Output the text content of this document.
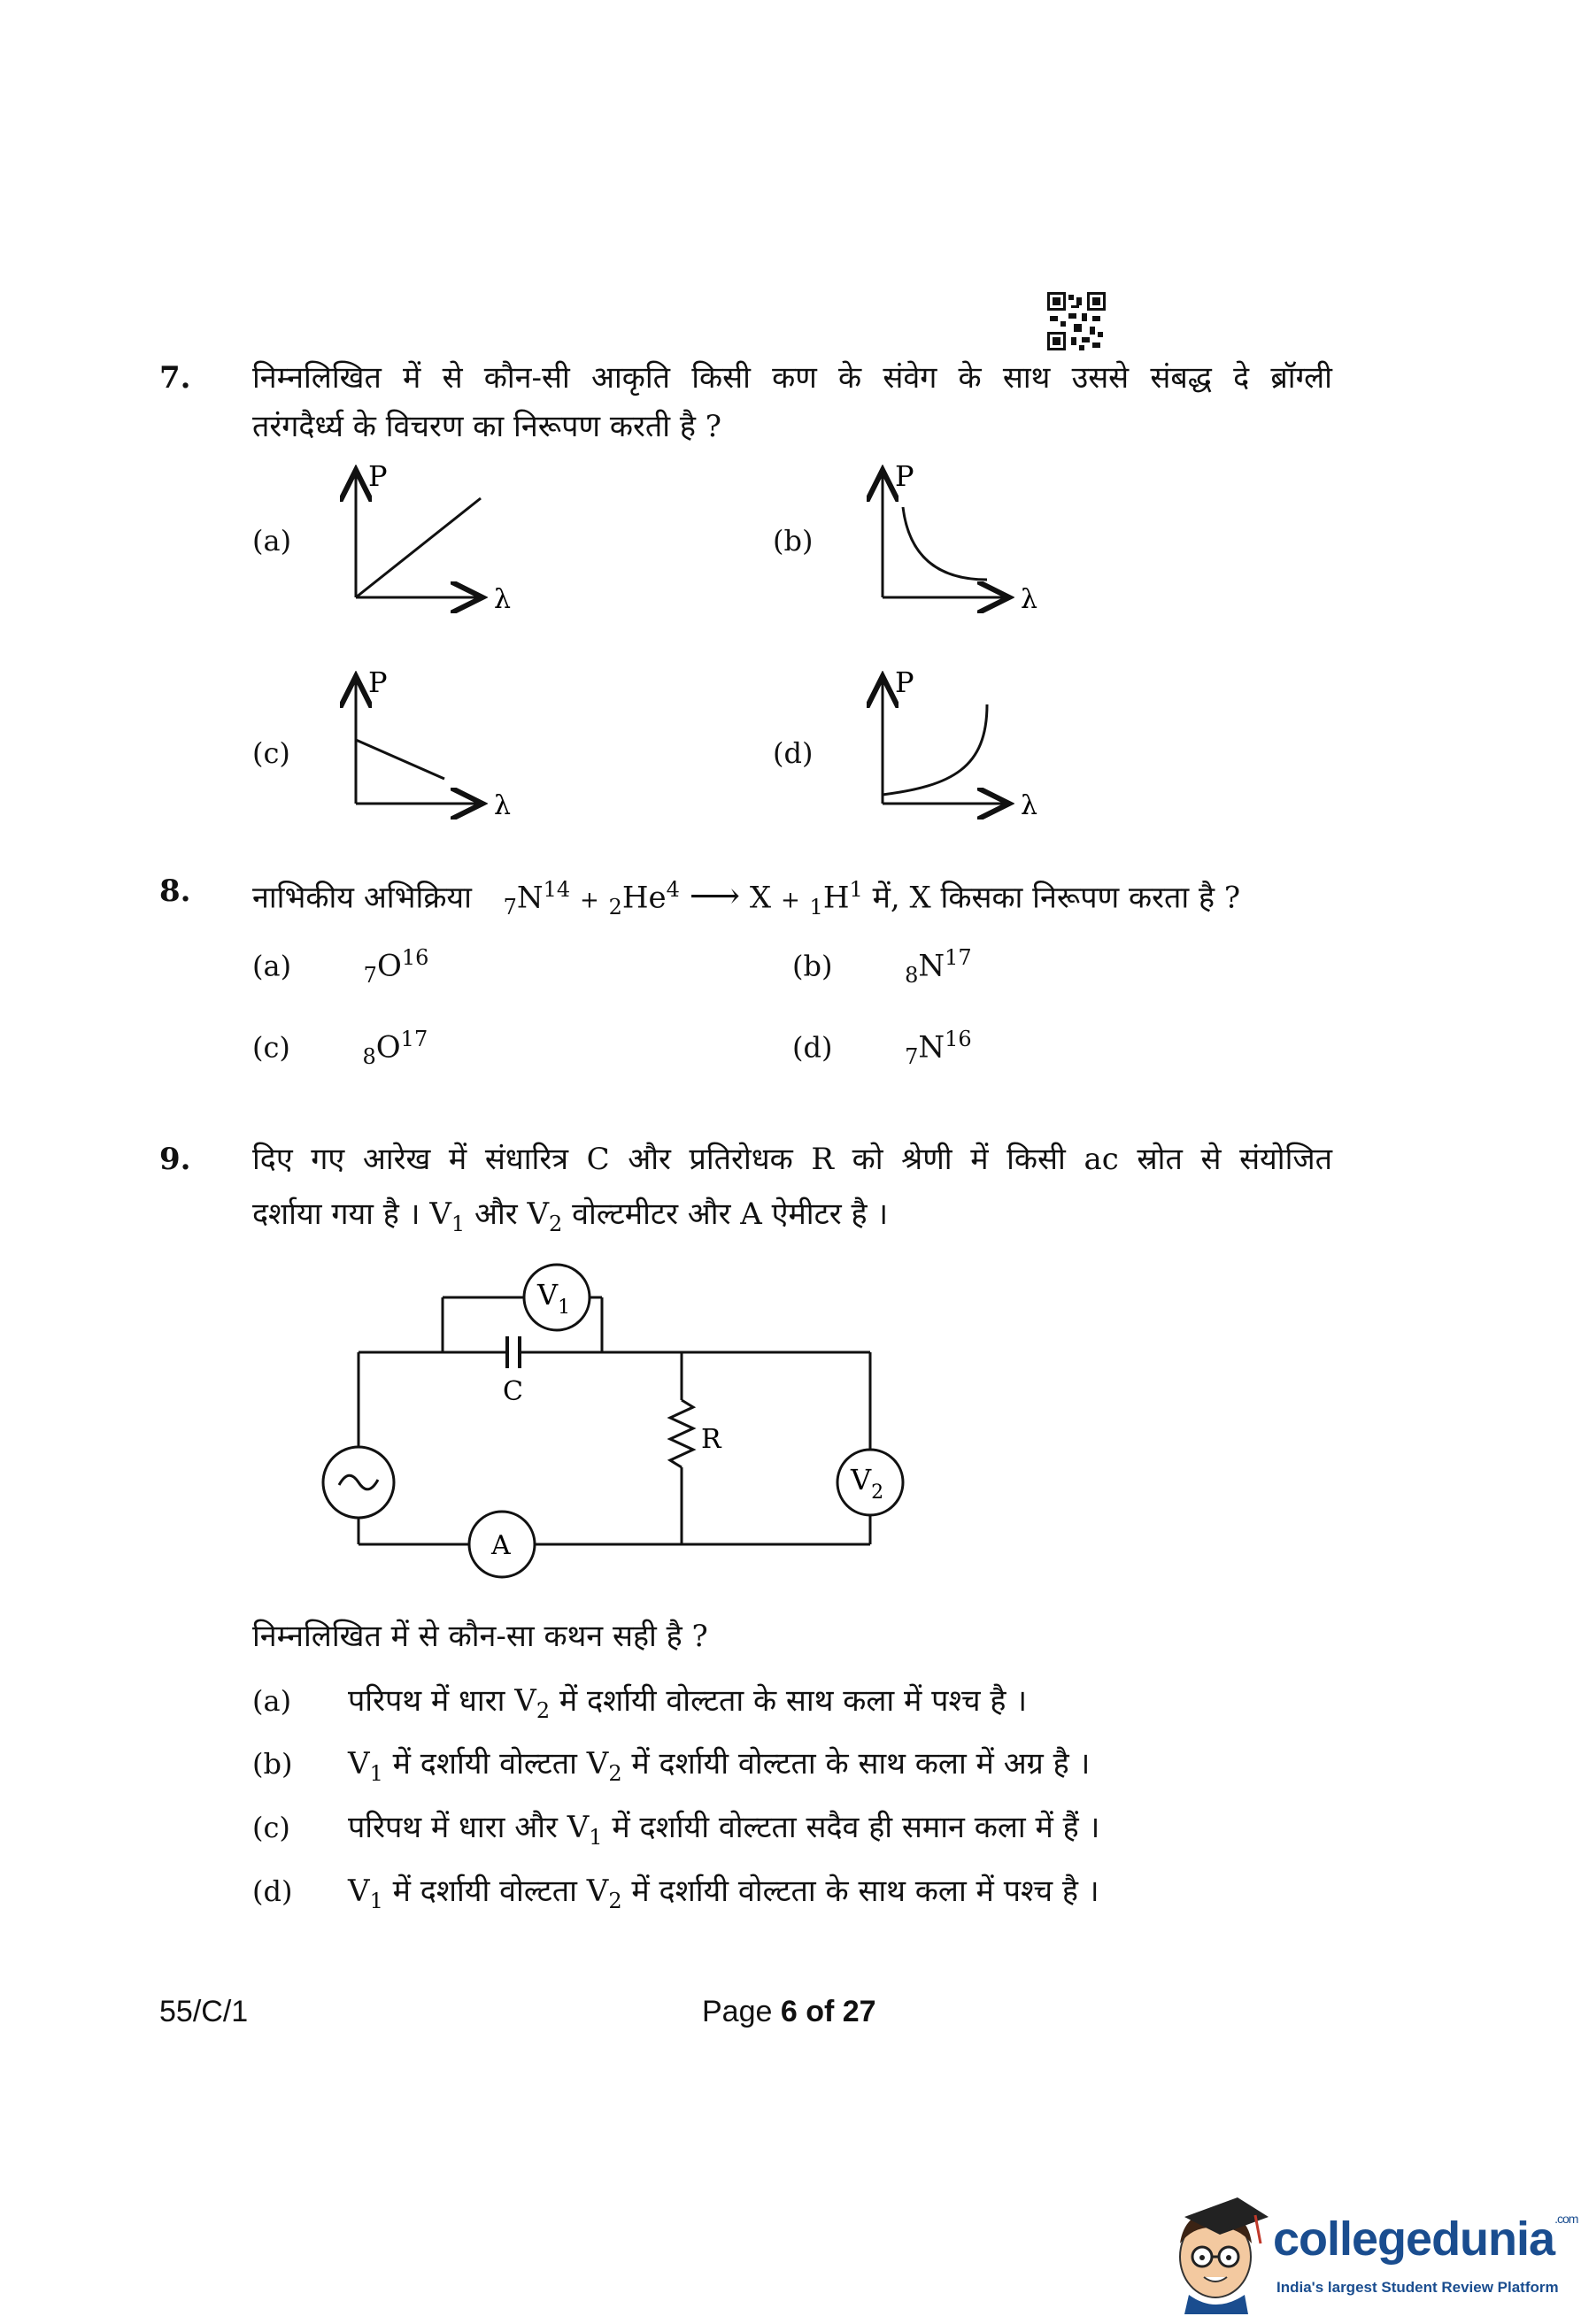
7. निम्नलिखित में से कौन-सी आकृति किसी कण के संवेग के साथ उससे संबद्ध दे ब्रॉग्ली
तरंगदैर्ध्य के विचरण का निरूपण करती है ?
(a)
P
λ
(b)
P
λ
(c)
P
λ
(d)
P
λ
8. नाभिकीय अभिक्रिया $_7N^{14} + _2He^4$ ⟶ $X + _1H^1$ में, X किसका निरूपण करता है ?
(a)	$_7O^{16}$	(b)	$_8N^{17}$
(c)	$_8O^{17}$	(d)	$_7N^{16}$
9. दिए गए आरेख में संधारित्र C और प्रतिरोधक R को श्रेणी में किसी ac स्रोत से संयोजित
दर्शाया गया है । $V_1$ और $V_2$ वोल्टमीटर और A ऐमीटर है ।
C
$V_1$
R
A
$V_2$
निम्नलिखित में से कौन-सा कथन सही है ?
(a) परिपथ में धारा $V_2$ में दर्शायी वोल्टता के साथ कला में पश्च है ।
(b) $V_1$ में दर्शायी वोल्टता $V_2$ में दर्शायी वोल्टता के साथ कला में अग्र है ।
(c) परिपथ में धारा और $V_1$ में दर्शायी वोल्टता सदैव ही समान कला में हैं ।
(d) $V_1$ में दर्शायी वोल्टता $V_2$ में दर्शायी वोल्टता के साथ कला में पश्च है ।
55/C/1	Page 6 of 27
collegedunia$^{.com}$
India's largest Student Review Platform
